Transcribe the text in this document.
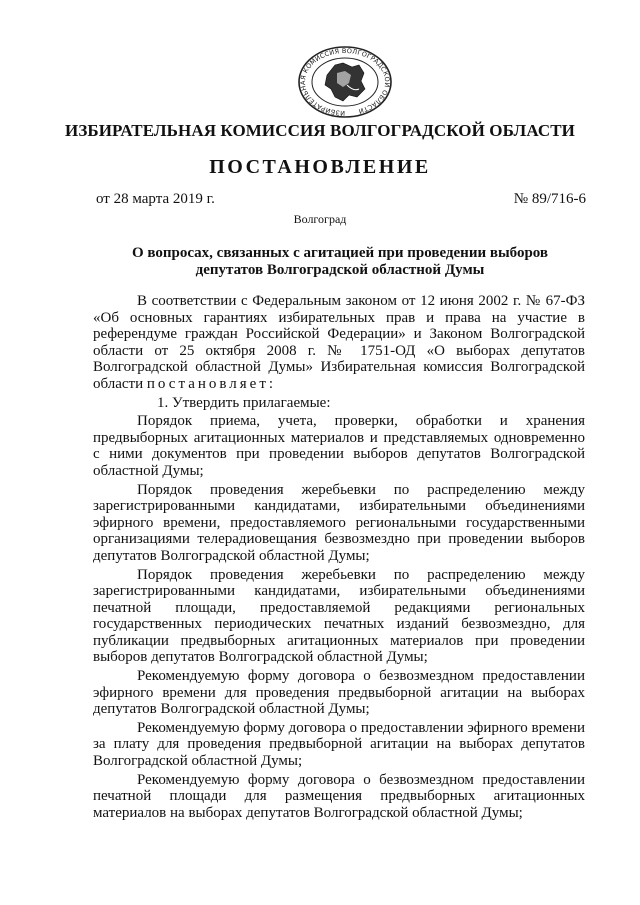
ИЗБИРАТЕЛЬНАЯ КОМИССИЯ ВОЛГОГРАДСКОЙ ОБЛАСТИ
ИЗБИРАТЕЛЬНАЯ КОМИССИЯ ВОЛГОГРАДСКОЙ ОБЛАСТИ
ПОСТАНОВЛЕНИЕ
от 28 марта 2019 г.	№ 89/716-6
Волгоград
О вопросах, связанных с агитацией при проведении выборов
депутатов Волгоградской областной Думы

В соответствии с Федеральным законом от 12 июня 2002 г. № 67-ФЗ «Об основных гарантиях избирательных прав и права на участие в референдуме граждан Российской Федерации» и Законом Волгоградской области от 25 октября 2008 г. № 1751-ОД «О выборах депутатов Волгоградской областной Думы» Избирательная комиссия Волгоградской области постановляет:

1. Утвердить прилагаемые:

Порядок приема, учета, проверки, обработки и хранения предвыборных агитационных материалов и представляемых одновременно с ними документов при проведении выборов депутатов Волгоградской областной Думы;

Порядок проведения жеребьевки по распределению между зарегистрированными кандидатами, избирательными объединениями эфирного времени, предоставляемого региональными государственными организациями телерадиовещания безвозмездно при проведении выборов депутатов Волгоградской областной Думы;

Порядок проведения жеребьевки по распределению между зарегистрированными кандидатами, избирательными объединениями печатной площади, предоставляемой редакциями региональных государственных периодических печатных изданий безвозмездно, для публикации предвыборных агитационных материалов при проведении выборов депутатов Волгоградской областной Думы;

Рекомендуемую форму договора о безвозмездном предоставлении эфирного времени для проведения предвыборной агитации на выборах депутатов Волгоградской областной Думы;

Рекомендуемую форму договора о предоставлении эфирного времени за плату для проведения предвыборной агитации на выборах депутатов Волгоградской областной Думы;

Рекомендуемую форму договора о безвозмездном предоставлении печатной площади для размещения предвыборных агитационных материалов на выборах депутатов Волгоградской областной Думы;
